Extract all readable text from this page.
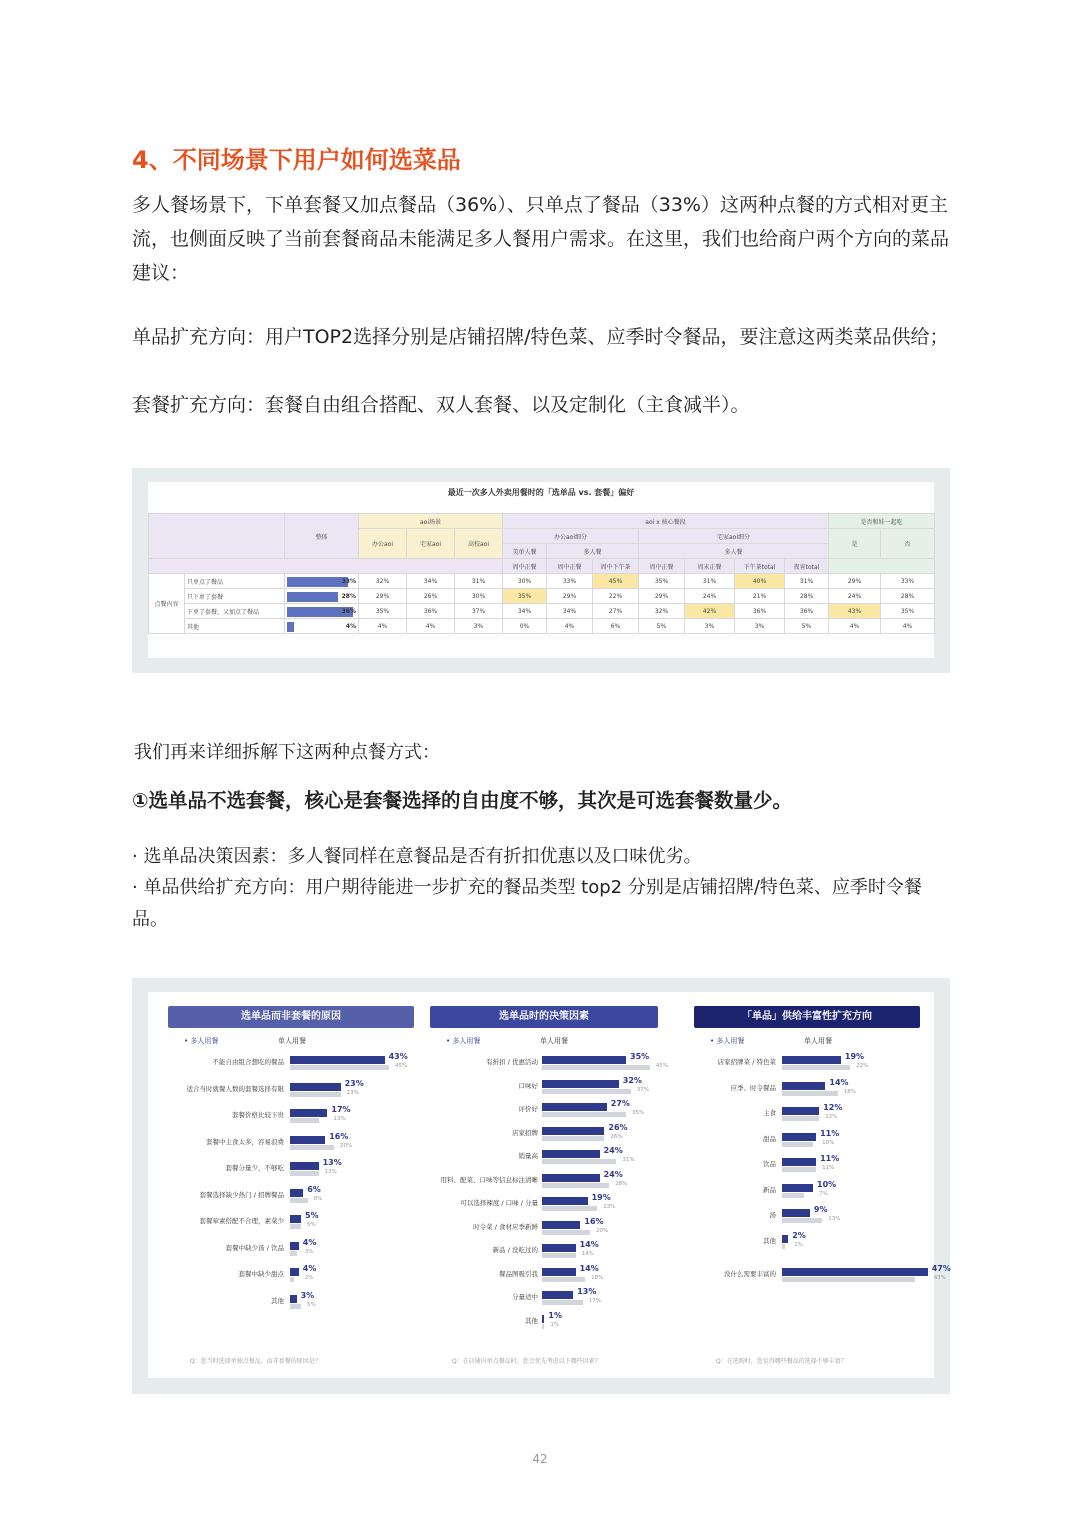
4、不同场景下用户如何选菜品

多人餐场景下，下单套餐又加点餐品（36%）、只单点了餐品（33%）这两种点餐的方式相对更主流，也侧面反映了当前套餐商品未能满足多人餐用户需求。在这里，我们也给商户两个方向的菜品建议：

单品扩充方向：用户TOP2选择分别是店铺招牌/特色菜、应季时令餐品，要注意这两类菜品供给；

套餐扩充方向：套餐自由组合搭配、双人套餐、以及定制化（主食减半）。

最近一次多人外卖用餐时的「选单品 vs. 套餐」偏好
		整体	aoi场景			aoi x 核心餐段							是否和娃一起吃	
			办公aoi	宅家aoi	高校aoi	办公aoi细分			宅家aoi细分				是	否
						美单人餐	多人餐		多人餐					
						周中正餐	周中正餐	周中下午茶	周中正餐	周末正餐	下午茶total	夜宵total		
点餐内容	只单点了餐品	33%	32%	34%	31%	30%	33%	45%	35%	31%	40%	31%	29%	33%
	只下单了套餐	28%	29%	26%	30%	35%	29%	22%	29%	24%	21%	28%	24%	28%
	下单了套餐，又加点了餐品	36%	35%	36%	37%	34%	34%	27%	32%	42%	36%	36%	43%	35%
	其他	4%	4%	4%	3%	0%	4%	6%	5%	3%	3%	5%	4%	4%

我们再来详细拆解下这两种点餐方式：

①选单品不选套餐，核心是套餐选择的自由度不够，其次是可选套餐数量少。

· 选单品决策因素：多人餐同样在意餐品是否有折扣优惠以及口味优劣。

· 单品供给扩充方向：用户期待能进一步扩充的餐品类型 top2 分别是店铺招牌/特色菜、应季时令餐品。

选单品而非套餐的原因
• 多人用餐	单人用餐
不能自由组合想吃的餐品
43%
45%
适合当时就餐人数的套餐选择有限
23%
23%
套餐价格比较下贵
17%
13%
套餐中主食太多，容易浪费
16%
20%
套餐分量少，不够吃
13%
13%
套餐选择缺少热门 / 招牌餐品
6%
8%
套餐荤素搭配不合理，素菜少
5%
5%
套餐中缺少汤 / 饮品
4%
3%
套餐中缺少甜点
4%
2%
其他
3%
5%
Q：您当时选择单独点餐品，而非套餐的原因是？
选单品时的决策因素
• 多人用餐	单人用餐
有折扣 / 优惠活动
35%
45%
口味好
32%
37%
评价好
27%
35%
店家招牌
26%
26%
销量高
24%
31%
用料、配菜、口味等信息标注清晰
24%
28%
可以选择辣度 / 口味 / 分量
19%
23%
时令菜 / 食材应季新鲜
16%
20%
新品 / 没吃过的
14%
14%
餐品图吸引我
14%
18%
分量适中
13%
17%
其他
1%
1%
Q：在店铺内单点餐品时，您会优先考虑以下哪些因素？
「单品」供给丰富性扩充方向
• 多人用餐	单人用餐
店家招牌菜 / 特色菜
19%
22%
应季、时令餐品
14%
18%
主食
12%
12%
甜品
11%
10%
饮品
11%
11%
新品
10%
7%
汤
9%
13%
其他
2%
1%
没什么需要丰富的
47%
43%
Q：在选购时，您觉得哪些餐品的选择不够丰富？
42
